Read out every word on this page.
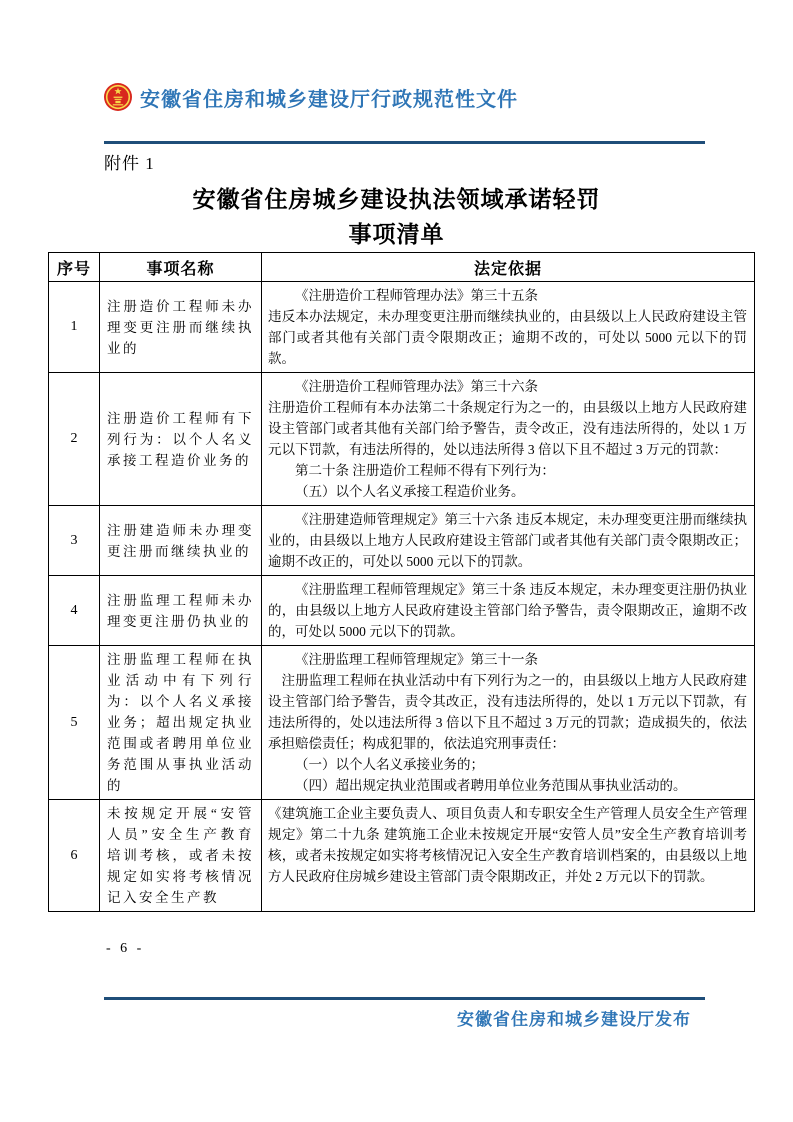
安徽省住房和城乡建设厅行政规范性文件
附件 1
安徽省住房城乡建设执法领域承诺轻罚
事项清单
序号	事项名称	法定依据
1	注册造价工程师未办理变更注册而继续执业的	《注册造价工程师管理办法》第三十五条

违反本办法规定，未办理变更注册而继续执业的，由县级以上人民政府建设主管部门或者其他有关部门责令限期改正；逾期不改的，可处以 5000 元以下的罚款。

2	注册造价工程师有下列行为：以个人名义承接工程造价业务的	《注册造价工程师管理办法》第三十六条

注册造价工程师有本办法第二十条规定行为之一的，由县级以上地方人民政府建设主管部门或者其他有关部门给予警告，责令改正，没有违法所得的，处以 1 万元以下罚款，有违法所得的，处以违法所得 3 倍以下且不超过 3 万元的罚款：

第二十条 注册造价工程师不得有下列行为：

（五）以个人名义承接工程造价业务。

3	注册建造师未办理变更注册而继续执业的	《注册建造师管理规定》第三十六条 违反本规定，未办理变更注册而继续执业的，由县级以上地方人民政府建设主管部门或者其他有关部门责令限期改正；逾期不改正的，可处以 5000 元以下的罚款。

4	注册监理工程师未办理变更注册仍执业的	《注册监理工程师管理规定》第三十条 违反本规定，未办理变更注册仍执业的，由县级以上地方人民政府建设主管部门给予警告，责令限期改正，逾期不改的，可处以 5000 元以下的罚款。

5	注册监理工程师在执业活动中有下列行为：以个人名义承接业务；超出规定执业范围或者聘用单位业务范围从事执业活动的	《注册监理工程师管理规定》第三十一条

注册监理工程师在执业活动中有下列行为之一的，由县级以上地方人民政府建设主管部门给予警告，责令其改正，没有违法所得的，处以 1 万元以下罚款，有违法所得的，处以违法所得 3 倍以下且不超过 3 万元的罚款；造成损失的，依法承担赔偿责任；构成犯罪的，依法追究刑事责任：

（一）以个人名义承接业务的；

（四）超出规定执业范围或者聘用单位业务范围从事执业活动的。

6	未按规定开展“安管人员”安全生产教育培训考核，或者未按规定如实将考核情况记入安全生产教	《建筑施工企业主要负责人、项目负责人和专职安全生产管理人员安全生产管理规定》第二十九条 建筑施工企业未按规定开展“安管人员”安全生产教育培训考核，或者未按规定如实将考核情况记入安全生产教育培训档案的，由县级以上地方人民政府住房城乡建设主管部门责令限期改正，并处 2 万元以下的罚款。

- 6 -
安徽省住房和城乡建设厅发布
